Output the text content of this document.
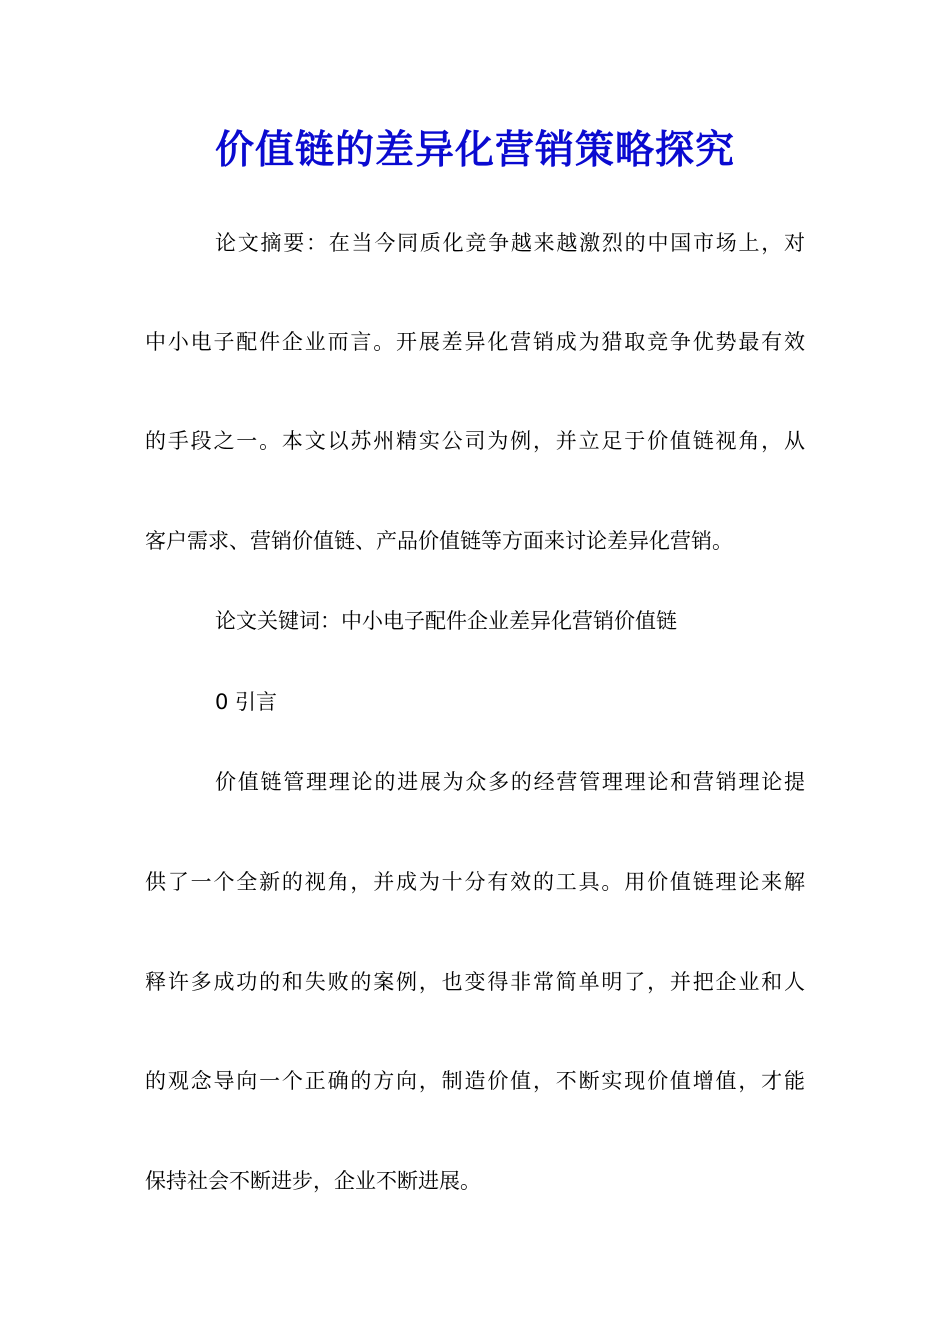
价值链的差异化营销策略探究
论文摘要：在当今同质化竞争越来越激烈的中国市场上，对
中小电子配件企业而言。开展差异化营销成为猎取竞争优势最有效
的手段之一。本文以苏州精实公司为例，并立足于价值链视角，从
客户需求、营销价值链、产品价值链等方面来讨论差异化营销。
论文关键词：中小电子配件企业差异化营销价值链
0 引言
价值链管理理论的进展为众多的经营管理理论和营销理论提
供了一个全新的视角，并成为十分有效的工具。用价值链理论来解
释许多成功的和失败的案例，也变得非常简单明了，并把企业和人
的观念导向一个正确的方向，制造价值，不断实现价值增值，才能
保持社会不断进步，企业不断进展。
